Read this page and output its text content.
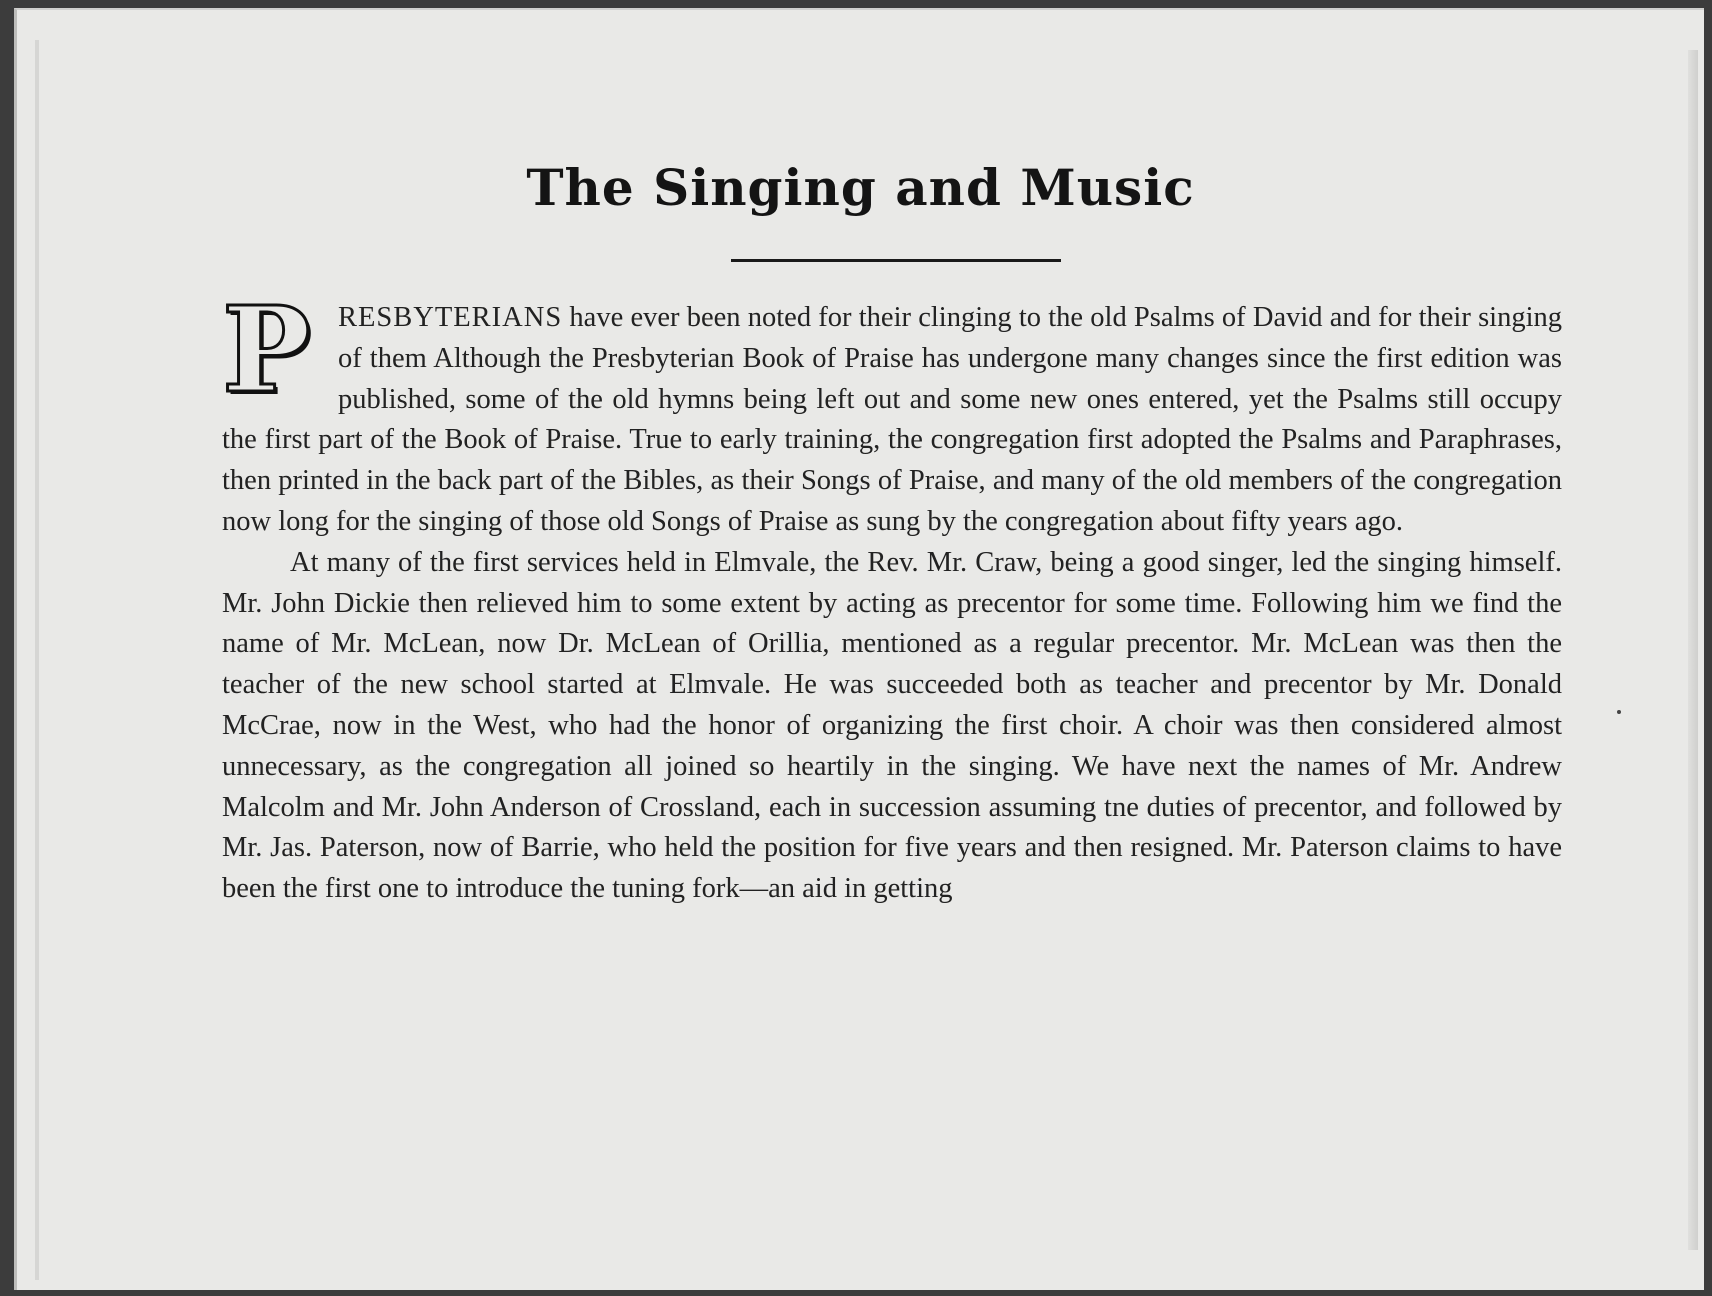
The Singing and Music

PRESBYTERIANS have ever been noted for their clinging to the old Psalms of David and for their singing of them Although the Presbyterian Book of Praise has undergone many changes since the first edition was published, some of the old hymns being left out and some new ones entered, yet the Psalms still occupy the first part of the Book of Praise. True to early training, the congregation first adopted the Psalms and Paraphrases, then printed in the back part of the Bibles, as their Songs of Praise, and many of the old members of the congregation now long for the singing of those old Songs of Praise as sung by the congregation about fifty years ago.

At many of the first services held in Elmvale, the Rev. Mr. Craw, being a good singer, led the singing himself. Mr. John Dickie then relieved him to some extent by acting as precentor for some time. Following him we find the name of Mr. McLean, now Dr. McLean of Orillia, mentioned as a regular precentor. Mr. McLean was then the teacher of the new school started at Elmvale. He was succeeded both as teacher and precentor by Mr. Donald McCrae, now in the West, who had the honor of organizing the first choir. A choir was then considered almost unnecessary, as the congregation all joined so heartily in the singing. We have next the names of Mr. Andrew Malcolm and Mr. John Anderson of Crossland, each in succession assuming tne duties of precentor, and followed by Mr. Jas. Paterson, now of Barrie, who held the position for five years and then resigned. Mr. Paterson claims to have been the first one to introduce the tuning fork—an aid in getting
